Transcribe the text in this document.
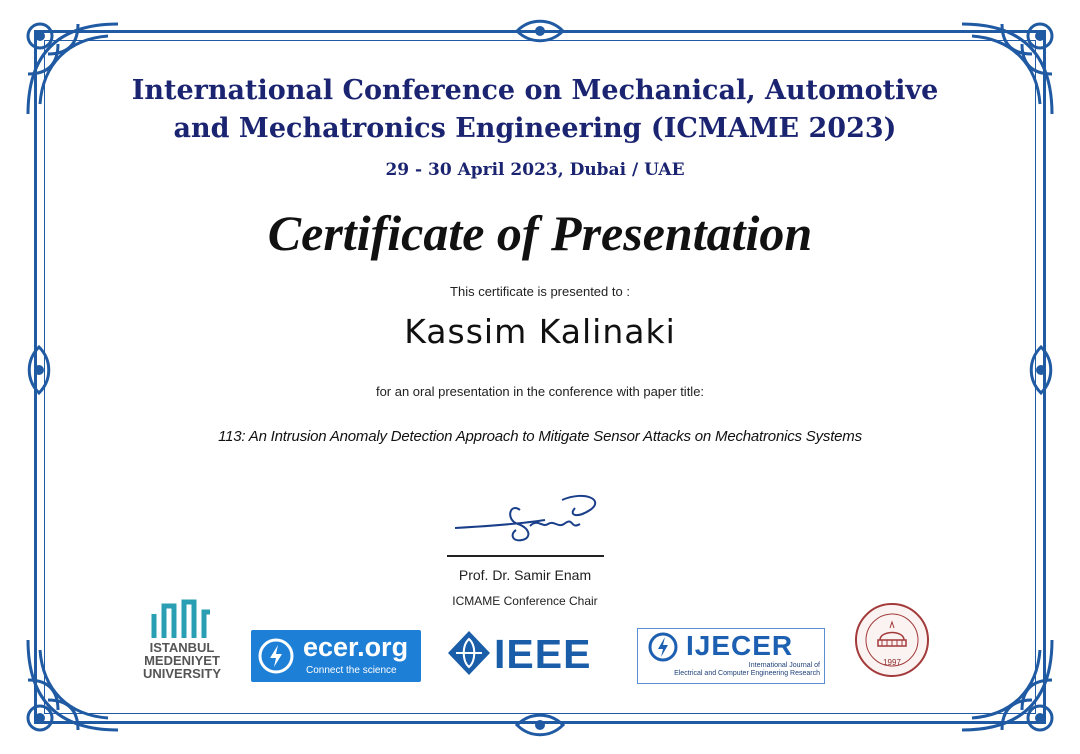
International Conference on Mechanical, Automotive
and Mechatronics Engineering (ICMAME 2023)
29 - 30 April 2023, Dubai / UAE
Certificate of Presentation
This certificate is presented to :
Kassim Kalinaki
for an oral presentation in the conference with paper title:
113: An Intrusion Anomaly Detection Approach to Mitigate Sensor Attacks on Mechatronics Systems
Prof. Dr. Samir Enam
ICMAME Conference Chair
ISTANBUL
MEDENIYET
UNIVERSITY
ecer.org
Connect the science IEEE	IJECER
International Journal of
Electrical and Computer Engineering Research
1997
